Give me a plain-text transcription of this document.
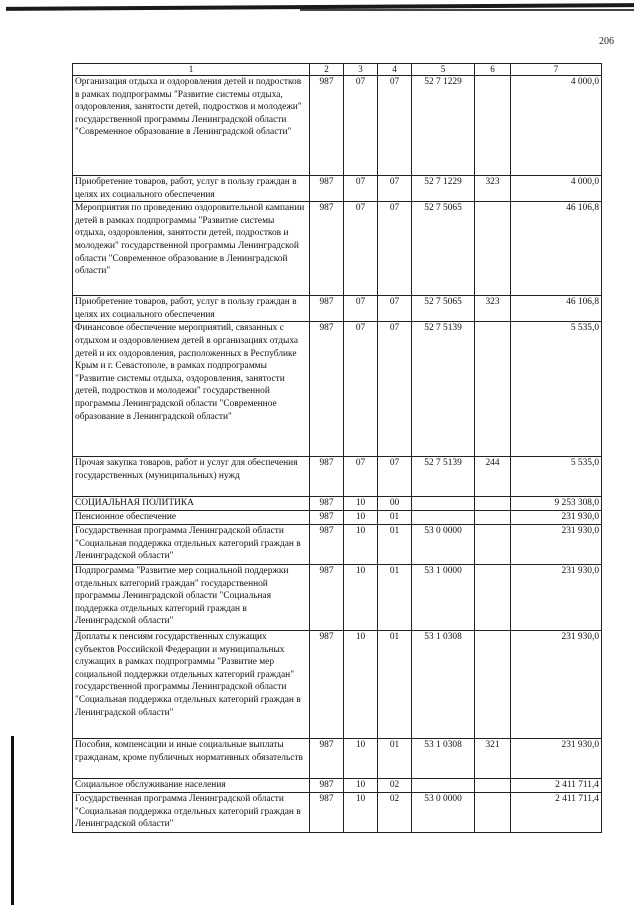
206
1	2	3	4	5	6	7
Организация отдыха и оздоровления детей и подростков в рамках подпрограммы "Развитие системы отдыха, оздоровления, занятости детей, подростков и молодежи" государственной программы Ленинградской области "Современное образование в Ленинградской области"	987	07	07	52 7 1229		4 000,0
Приобретение товаров, работ, услуг в пользу граждан в целях их социального обеспечения	987	07	07	52 7 1229	323	4 000,0
Мероприятия по проведению оздоровительной кампании детей в рамках подпрограммы "Развитие системы отдыха, оздоровления, занятости детей, подростков и молодежи" государственной программы Ленинградской области "Современное образование в Ленинградской области"	987	07	07	52 7 5065		46 106,8
Приобретение товаров, работ, услуг в пользу граждан в целях их социального обеспечения	987	07	07	52 7 5065	323	46 106,8
Финансовое обеспечение мероприятий, связанных с отдыхом и оздоровлением детей в организациях отдыха детей и их оздоровления, расположенных в Республике Крым и г. Севастополе, в рамках подпрограммы "Развитие системы отдыха, оздоровления, занятости детей, подростков и молодежи" государственной программы Ленинградской области "Современное образование в Ленинградской области"	987	07	07	52 7 5139		5 535,0
Прочая закупка товаров, работ и услуг для обеспечения государственных (муниципальных) нужд	987	07	07	52 7 5139	244	5 535,0
СОЦИАЛЬНАЯ ПОЛИТИКА	987	10	00			9 253 308,0
Пенсионное обеспечение	987	10	01			231 930,0
Государственная программа Ленинградской области "Социальная поддержка отдельных категорий граждан в Ленинградской области"	987	10	01	53 0 0000		231 930,0
Подпрограмма "Развитие мер социальной поддержки отдельных категорий граждан" государственной программы Ленинградской области "Социальная поддержка отдельных категорий граждан в Ленинградской области"	987	10	01	53 1 0000		231 930,0
Доплаты к пенсиям государственных служащих субъектов Российской Федерации и муниципальных служащих в рамках подпрограммы "Развитие мер социальной поддержки отдельных категорий граждан" государственной программы Ленинградской области "Социальная поддержка отдельных категорий граждан в Ленинградской области"	987	10	01	53 1 0308		231 930,0
Пособия, компенсации и иные социальные выплаты гражданам, кроме публичных нормативных обязательств	987	10	01	53 1 0308	321	231 930,0
Социальное обслуживание населения	987	10	02			2 411 711,4
Государственная программа Ленинградской области "Социальная поддержка отдельных категорий граждан в Ленинградской области"	987	10	02	53 0 0000		2 411 711,4
